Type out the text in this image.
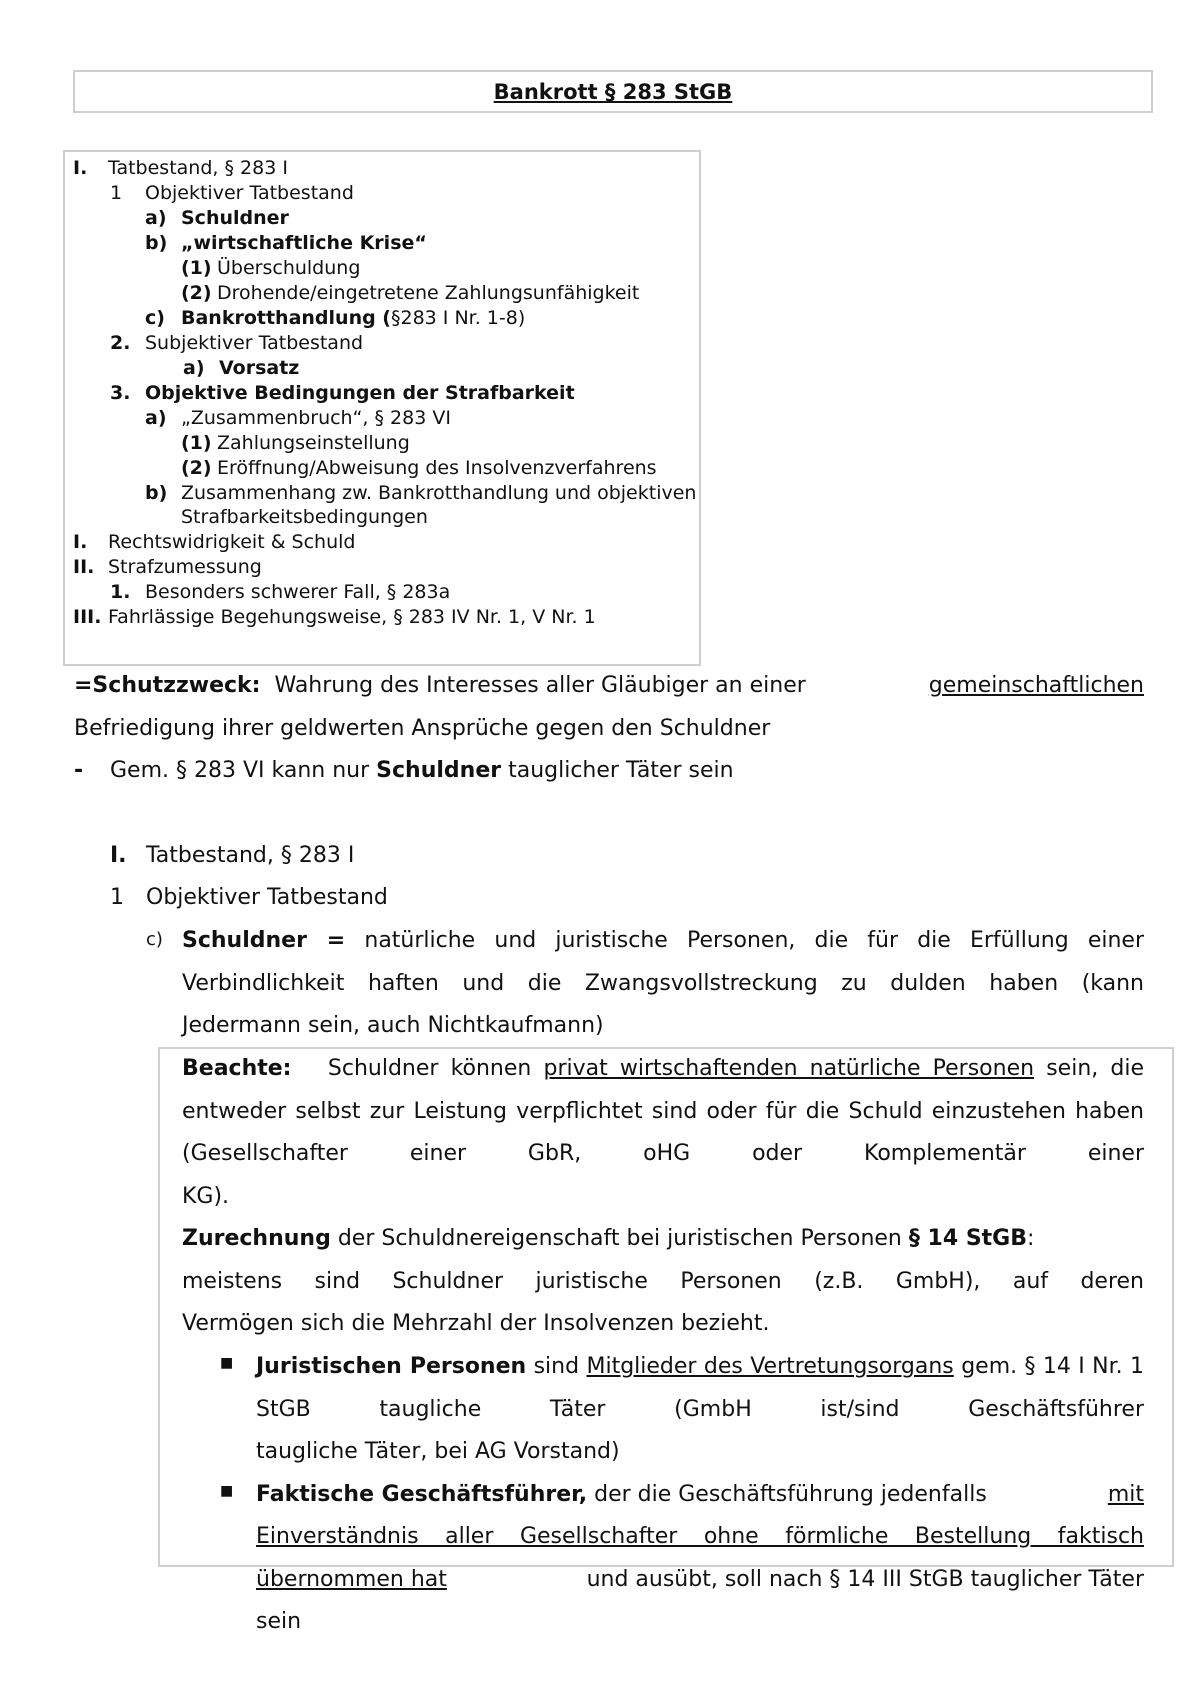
Bankrott § 283 StGB
I. Tatbestand, § 283 I
1 Objektiver Tatbestand
a) Schuldner
b) „wirtschaftliche Krise“
(1) Überschuldung
(2) Drohende/eingetretene Zahlungsunfähigkeit
c) Bankrotthandlung (§283 I Nr. 1-8)
2. Subjektiver Tatbestand
a) Vorsatz
3. Objektive Bedingungen der Strafbarkeit
a) „Zusammenbruch“, § 283 VI
(1) Zahlungseinstellung
(2) Eröffnung/Abweisung des Insolvenzverfahrens
b) Zusammenhang zw. Bankrotthandlung und objektiven
Strafbarkeitsbedingungen
I. Rechtswidrigkeit & Schuld
II. Strafzumessung
1. Besonders schwerer Fall, § 283a
III. Fahrlässige Begehungsweise, § 283 IV Nr. 1, V Nr. 1
=Schutzzweck: Wahrung des Interesses aller Gläubiger an einer	gemeinschaftlichen
Befriedigung ihrer geldwerten Ansprüche gegen den Schuldner
- Gem. § 283 VI kann nur Schuldner tauglicher Täter sein
I. Tatbestand, § 283 I
1 Objektiver Tatbestand
c) Schuldner = natürliche und juristische Personen, die für die Erfüllung einer Verbindlichkeit haften und die Zwangsvollstreckung zu dulden haben (kann
Jedermann sein, auch Nichtkaufmann)
Beachte: Schuldner können privat wirtschaftenden natürliche Personen sein, die entweder selbst zur Leistung verpflichtet sind oder für die Schuld einzustehen haben (Gesellschafter einer GbR, oHG oder Komplementär einer
KG).
Zurechnung der Schuldnereigenschaft bei juristischen Personen § 14 StGB:
meistens sind Schuldner juristische Personen (z.B. GmbH), auf deren
Vermögen sich die Mehrzahl der Insolvenzen bezieht.
■ Juristischen Personen sind Mitglieder des Vertretungsorgans gem. § 14 I Nr. 1 StGB taugliche Täter (GmbH ist/sind Geschäftsführer
taugliche Täter, bei AG Vorstand)
■ Faktische Geschäftsführer, der die Geschäftsführung jedenfalls	mit
Einverständnis aller Gesellschafter ohne förmliche Bestellung faktisch
übernommen hat	und ausübt, soll nach § 14 III StGB tauglicher Täter
sein
